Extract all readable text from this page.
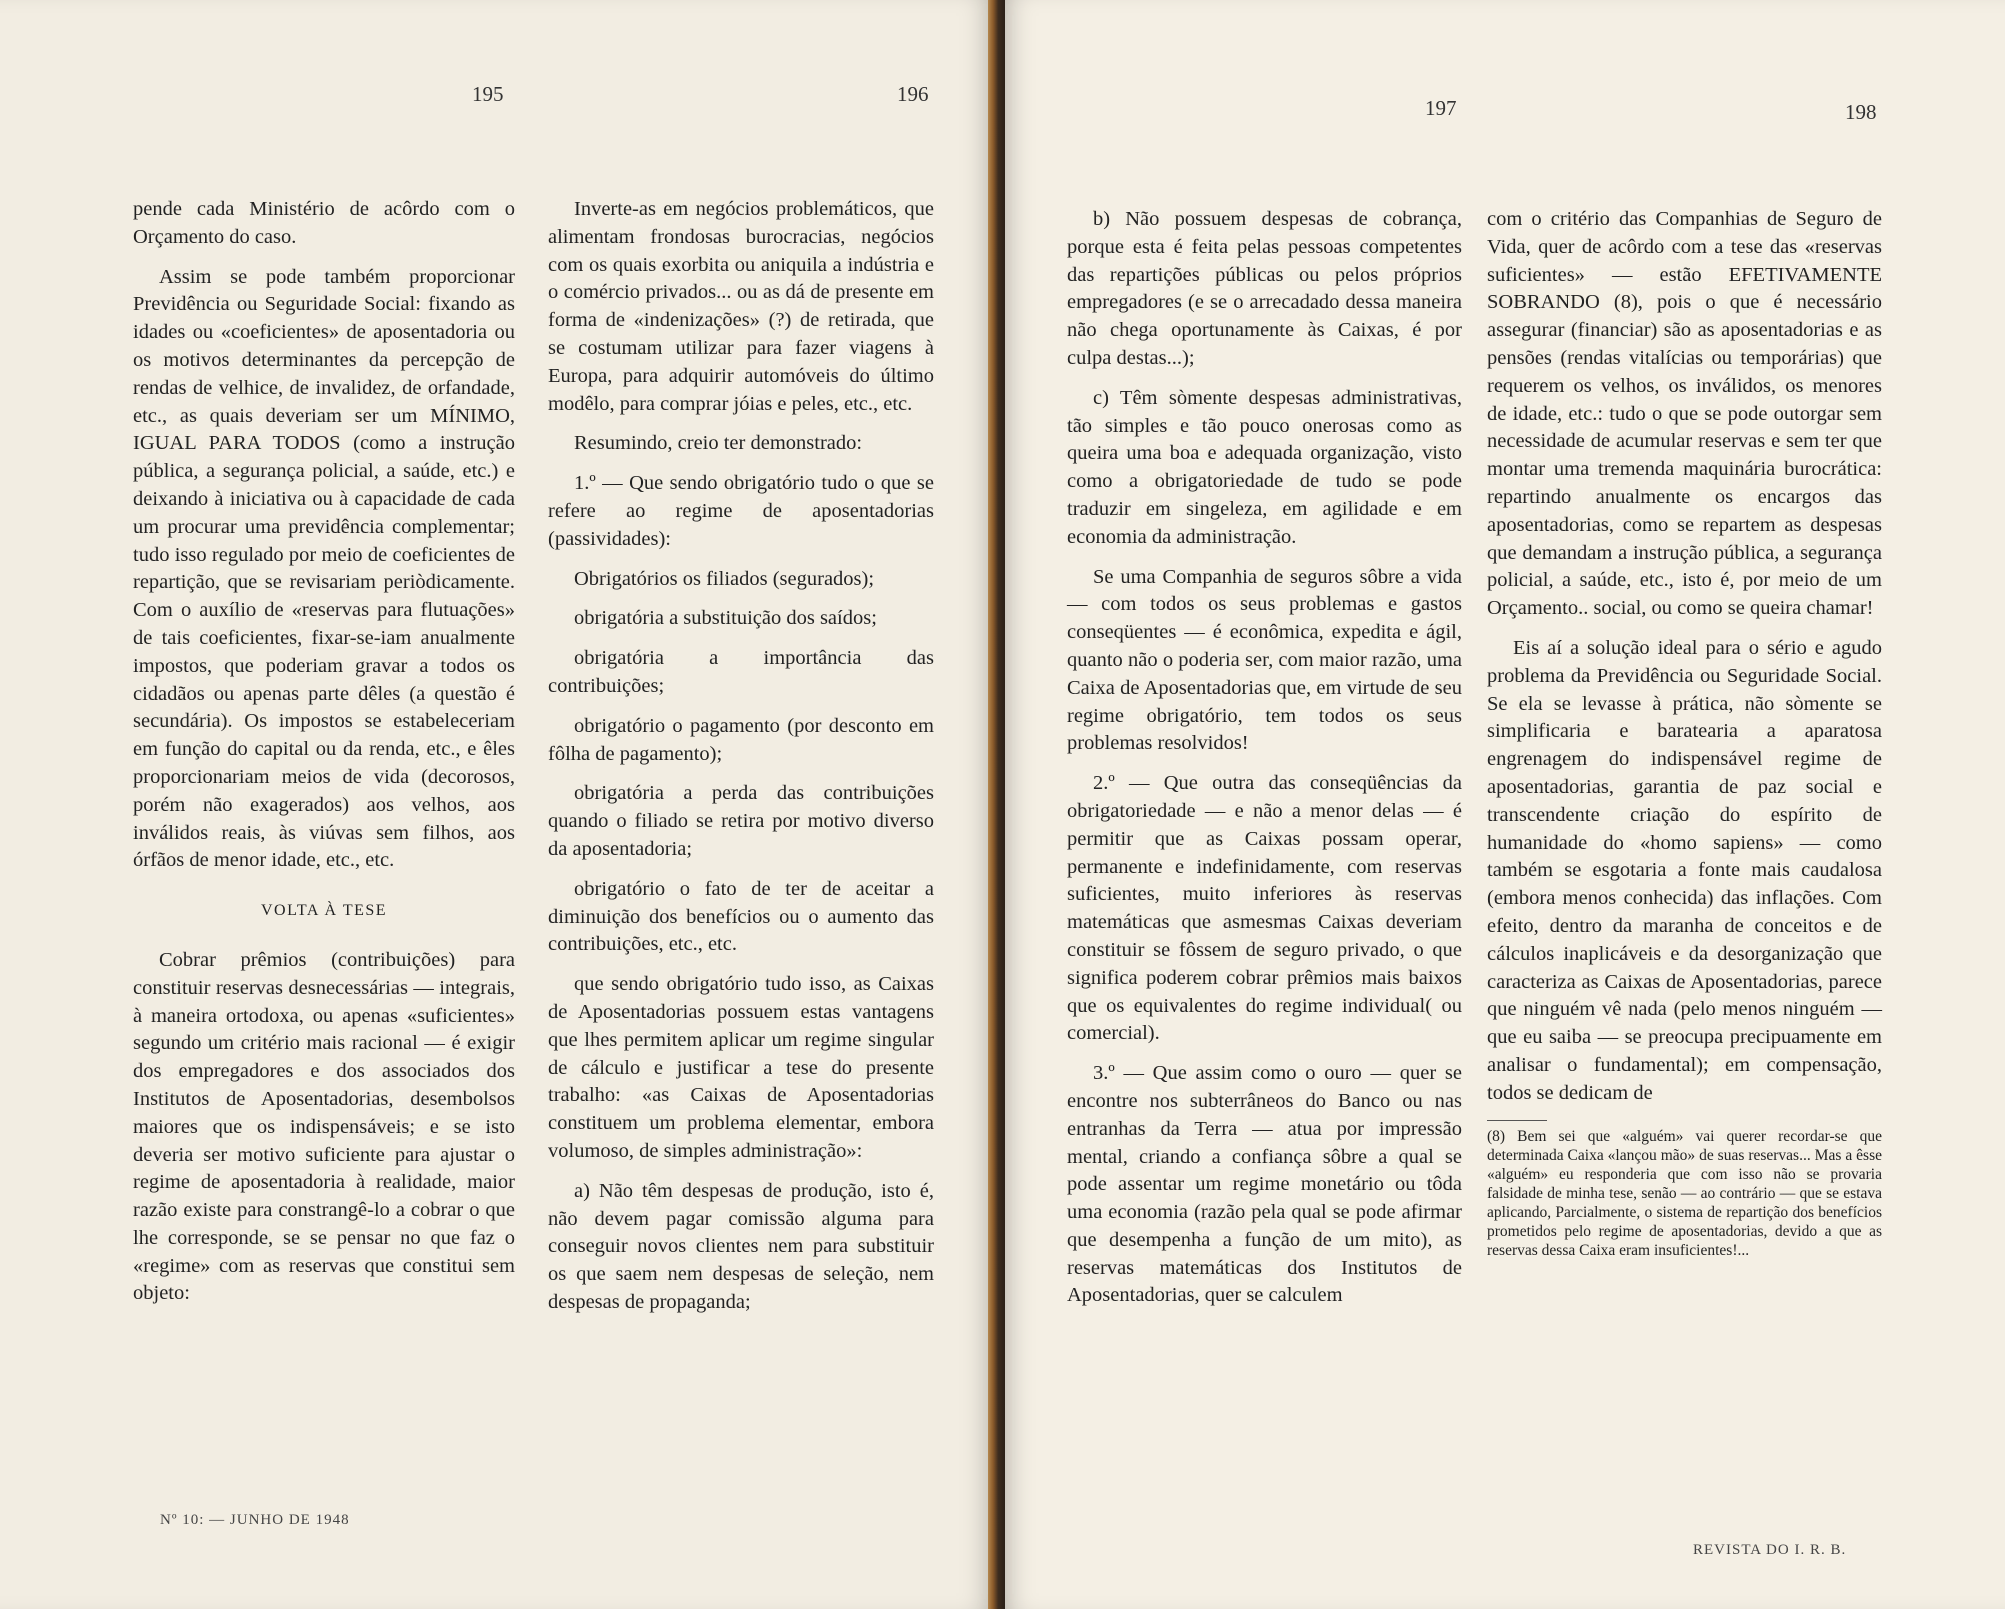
195	196

pende cada Ministério de acôrdo com o Orçamento do caso.

Assim se pode também proporcionar Previdência ou Seguridade Social: fixando as idades ou «coeficientes» de aposentadoria ou os motivos determinantes da percepção de rendas de velhice, de invalidez, de orfandade, etc., as quais deveriam ser um MÍNIMO, IGUAL PARA TODOS (como a instrução pública, a segurança policial, a saúde, etc.) e deixando à iniciativa ou à capacidade de cada um procurar uma previdência complementar; tudo isso regulado por meio de coeficientes de repartição, que se revisariam periòdicamente. Com o auxílio de «reservas para flutuações» de tais coeficientes, fixar-se-iam anualmente impostos, que poderiam gravar a todos os cidadãos ou apenas parte dêles (a questão é secundária). Os impostos se estabeleceriam em função do capital ou da renda, etc., e êles proporcionariam meios de vida (decorosos, porém não exagerados) aos velhos, aos inválidos reais, às viúvas sem filhos, aos órfãos de menor idade, etc., etc.

VOLTA À TESE

Cobrar prêmios (contribuições) para constituir reservas desnecessárias — integrais, à maneira ortodoxa, ou apenas «suficientes» segundo um critério mais racional — é exigir dos empregadores e dos associados dos Institutos de Aposentadorias, desembolsos maiores que os indispensáveis; e se isto deveria ser motivo suficiente para ajustar o regime de aposentadoria à realidade, maior razão existe para constrangê-lo a cobrar o que lhe corresponde, se se pensar no que faz o «regime» com as reservas que constitui sem objeto:

Inverte-as em negócios problemáticos, que alimentam frondosas burocracias, negócios com os quais exorbita ou aniquila a indústria e o comércio privados... ou as dá de presente em forma de «indenizações» (?) de retirada, que se costumam utilizar para fazer viagens à Europa, para adquirir automóveis do último modêlo, para comprar jóias e peles, etc., etc.

Resumindo, creio ter demonstrado:

1.º — Que sendo obrigatório tudo o que se refere ao regime de aposentadorias (passividades):

Obrigatórios os filiados (segurados);

obrigatória a substituição dos saídos;

obrigatória a importância das contribuições;

obrigatório o pagamento (por desconto em fôlha de pagamento);

obrigatória a perda das contribuições quando o filiado se retira por motivo diverso da aposentadoria;

obrigatório o fato de ter de aceitar a diminuição dos benefícios ou o aumento das contribuições, etc., etc.

que sendo obrigatório tudo isso, as Caixas de Aposentadorias possuem estas vantagens que lhes permitem aplicar um regime singular de cálculo e justificar a tese do presente trabalho: «as Caixas de Aposentadorias constituem um problema elementar, embora volumoso, de simples administração»:

a) Não têm despesas de produção, isto é, não devem pagar comissão alguma para conseguir novos clientes nem para substituir os que saem nem despesas de seleção, nem despesas de propaganda;

Nº 10: — JUNHO DE 1948
197	198

b) Não possuem despesas de cobrança, porque esta é feita pelas pessoas competentes das repartições públicas ou pelos próprios empregadores (e se o arrecadado dessa maneira não chega oportunamente às Caixas, é por culpa destas...);

c) Têm sòmente despesas administrativas, tão simples e tão pouco onerosas como as queira uma boa e adequada organização, visto como a obrigatoriedade de tudo se pode traduzir em singeleza, em agilidade e em economia da administração.

Se uma Companhia de seguros sôbre a vida — com todos os seus problemas e gastos conseqüentes — é econômica, expedita e ágil, quanto não o poderia ser, com maior razão, uma Caixa de Aposentadorias que, em virtude de seu regime obrigatório, tem todos os seus problemas resolvidos!

2.º — Que outra das conseqüências da obrigatoriedade — e não a menor delas — é permitir que as Caixas possam operar, permanente e indefinidamente, com reservas suficientes, muito inferiores às reservas matemáticas que asmesmas Caixas deveriam constituir se fôssem de seguro privado, o que significa poderem cobrar prêmios mais baixos que os equivalentes do regime individual( ou comercial).

3.º — Que assim como o ouro — quer se encontre nos subterrâneos do Banco ou nas entranhas da Terra — atua por impressão mental, criando a confiança sôbre a qual se pode assentar um regime monetário ou tôda uma economia (razão pela qual se pode afirmar que desempenha a função de um mito), as reservas matemáticas dos Institutos de Aposentadorias, quer se calculem

com o critério das Companhias de Seguro de Vida, quer de acôrdo com a tese das «reservas suficientes» — estão EFETIVAMENTE SOBRANDO (8), pois o que é necessário assegurar (financiar) são as aposentadorias e as pensões (rendas vitalícias ou temporárias) que requerem os velhos, os inválidos, os menores de idade, etc.: tudo o que se pode outorgar sem necessidade de acumular reservas e sem ter que montar uma tremenda maquinária burocrática: repartindo anualmente os encargos das aposentadorias, como se repartem as despesas que demandam a instrução pública, a segurança policial, a saúde, etc., isto é, por meio de um Orçamento.. social, ou como se queira chamar!

Eis aí a solução ideal para o sério e agudo problema da Previdência ou Seguridade Social. Se ela se levasse à prática, não sòmente se simplificaria e baratearia a aparatosa engrenagem do indispensável regime de aposentadorias, garantia de paz social e transcendente criação do espírito de humanidade do «homo sapiens» — como também se esgotaria a fonte mais caudalosa (embora menos conhecida) das inflações. Com efeito, dentro da maranha de conceitos e de cálculos inaplicáveis e da desorganização que caracteriza as Caixas de Aposentadorias, parece que ninguém vê nada (pelo menos ninguém — que eu saiba — se preocupa precipuamente em analisar o fundamental); em compensação, todos se dedicam de

(8) Bem sei que «alguém» vai querer recordar-se que determinada Caixa «lançou mão» de suas reservas... Mas a êsse «alguém» eu responderia que com isso não se provaria falsidade de minha tese, senão — ao contrário — que se estava aplicando, Parcialmente, o sistema de repartição dos benefícios prometidos pelo regime de aposentadorias, devido a que as reservas dessa Caixa eram insuficientes!...
REVISTA DO I. R. B.
